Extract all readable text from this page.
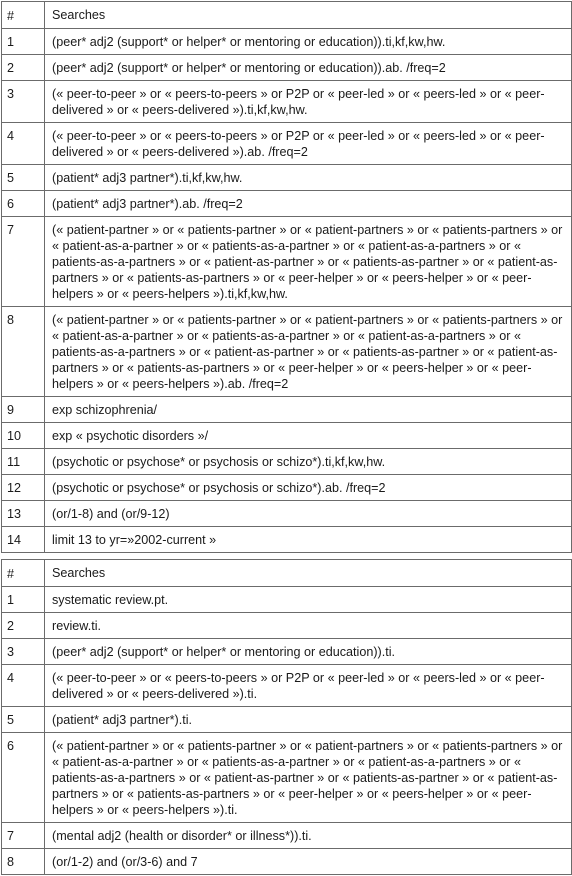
#	Searches
1	(peer* adj2 (support* or helper* or mentoring or education)).ti,kf,kw,hw.
2	(peer* adj2 (support* or helper* or mentoring or education)).ab. /freq=2
3	(« peer-to-peer » or « peers-to-peers » or P2P or « peer-led » or « peers-led » or « peer-delivered » or « peers-delivered »).ti,kf,kw,hw.
4	(« peer-to-peer » or « peers-to-peers » or P2P or « peer-led » or « peers-led » or « peer-delivered » or « peers-delivered »).ab. /freq=2
5	(patient* adj3 partner*).ti,kf,kw,hw.
6	(patient* adj3 partner*).ab. /freq=2
7	(« patient-partner » or « patients-partner » or « patient-partners » or « patients-partners » or « patient-as-a-partner » or « patients-as-a-partner » or « patient-as-a-partners » or « patients-as-a-partners » or « patient-as-partner » or « patients-as-partner » or « patient-as-partners » or « patients-as-partners » or « peer-helper » or « peers-helper » or « peer-helpers » or « peers-helpers »).ti,kf,kw,hw.
8	(« patient-partner » or « patients-partner » or « patient-partners » or « patients-partners » or « patient-as-a-partner » or « patients-as-a-partner » or « patient-as-a-partners » or « patients-as-a-partners » or « patient-as-partner » or « patients-as-partner » or « patient-as-partners » or « patients-as-partners » or « peer-helper » or « peers-helper » or « peer-helpers » or « peers-helpers »).ab. /freq=2
9	exp schizophrenia/
10	exp « psychotic disorders »/
11	(psychotic or psychose* or psychosis or schizo*).ti,kf,kw,hw.
12	(psychotic or psychose* or psychosis or schizo*).ab. /freq=2
13	(or/1-8) and (or/9-12)
14	limit 13 to yr=»2002-current »
#	Searches
1	systematic review.pt.
2	review.ti.
3	(peer* adj2 (support* or helper* or mentoring or education)).ti.
4	(« peer-to-peer » or « peers-to-peers » or P2P or « peer-led » or « peers-led » or « peer-delivered » or « peers-delivered »).ti.
5	(patient* adj3 partner*).ti.
6	(« patient-partner » or « patients-partner » or « patient-partners » or « patients-partners » or « patient-as-a-partner » or « patients-as-a-partner » or « patient-as-a-partners » or « patients-as-a-partners » or « patient-as-partner » or « patients-as-partner » or « patient-as-partners » or « patients-as-partners » or « peer-helper » or « peers-helper » or « peer-helpers » or « peers-helpers »).ti.
7	(mental adj2 (health or disorder* or illness*)).ti.
8	(or/1-2) and (or/3-6) and 7
